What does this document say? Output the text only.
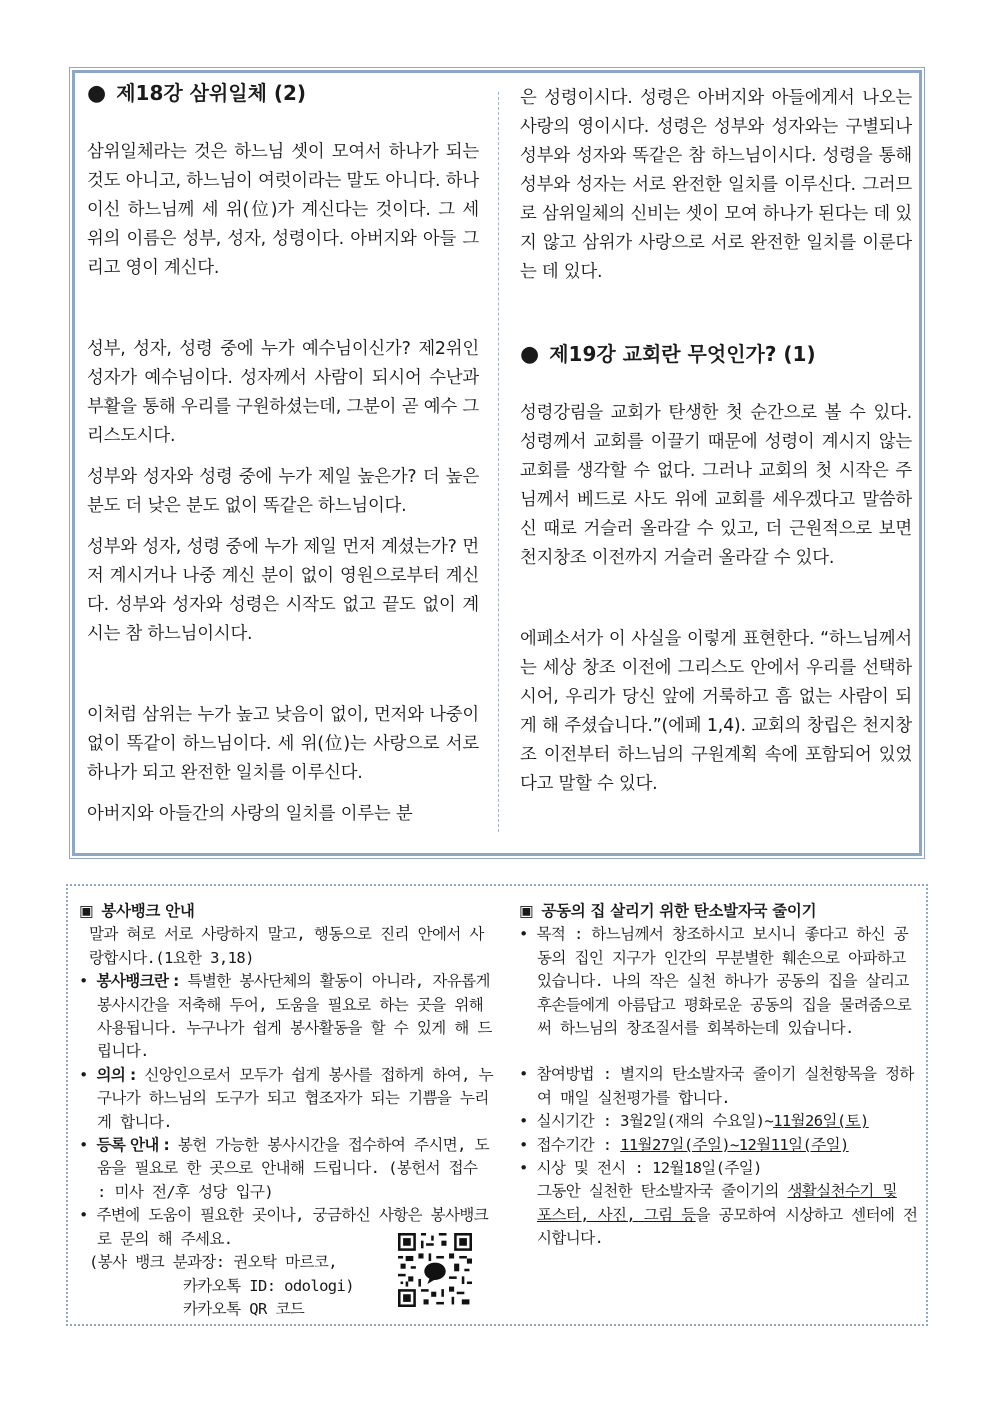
● 제18강 삼위일체 (2)

삼위일체라는 것은 하느님 셋이 모여서 하나가 되는 것도 아니고, 하느님이 여럿이라는 말도 아니다. 하나이신 하느님께 세 위(位)가 계신다는 것이다. 그 세 위의 이름은 성부, 성자, 성령이다. 아버지와 아들 그리고 영이 계신다.

성부, 성자, 성령 중에 누가 예수님이신가? 제2위인 성자가 예수님이다. 성자께서 사람이 되시어 수난과 부활을 통해 우리를 구원하셨는데, 그분이 곧 예수 그리스도시다.

성부와 성자와 성령 중에 누가 제일 높은가? 더 높은 분도 더 낮은 분도 없이 똑같은 하느님이다.

성부와 성자, 성령 중에 누가 제일 먼저 계셨는가? 먼저 계시거나 나중 계신 분이 없이 영원으로부터 계신다. 성부와 성자와 성령은 시작도 없고 끝도 없이 계시는 참 하느님이시다.

이처럼 삼위는 누가 높고 낮음이 없이, 먼저와 나중이 없이 똑같이 하느님이다. 세 위(位)는 사랑으로 서로 하나가 되고 완전한 일치를 이루신다.

아버지와 아들간의 사랑의 일치를 이루는 분

은 성령이시다. 성령은 아버지와 아들에게서 나오는 사랑의 영이시다. 성령은 성부와 성자와는 구별되나 성부와 성자와 똑같은 참 하느님이시다. 성령을 통해 성부와 성자는 서로 완전한 일치를 이루신다. 그러므로 삼위일체의 신비는 셋이 모여 하나가 된다는 데 있지 않고 삼위가 사랑으로 서로 완전한 일치를 이룬다는 데 있다.

● 제19강 교회란 무엇인가? (1)

성령강림을 교회가 탄생한 첫 순간으로 볼 수 있다. 성령께서 교회를 이끌기 때문에 성령이 계시지 않는 교회를 생각할 수 없다. 그러나 교회의 첫 시작은 주님께서 베드로 사도 위에 교회를 세우겠다고 말씀하신 때로 거슬러 올라갈 수 있고, 더 근원적으로 보면 천지창조 이전까지 거슬러 올라갈 수 있다.

에페소서가 이 사실을 이렇게 표현한다. “하느님께서는 세상 창조 이전에 그리스도 안에서 우리를 선택하시어, 우리가 당신 앞에 거룩하고 흠 없는 사람이 되게 해 주셨습니다.”(에페 1,4). 교회의 창립은 천지창조 이전부터 하느님의 구원계획 속에 포함되어 있었다고 말할 수 있다.

▣ 봉사뱅크 안내

말과 혀로 서로 사랑하지 말고, 행동으로 진리 안에서 사랑합시다.(1요한 3,18)

• 봉사뱅크란 : 특별한 봉사단체의 활동이 아니라, 자유롭게 봉사시간을 저축해 두어, 도움을 필요로 하는 곳을 위해 사용됩니다. 누구나가 쉽게 봉사활동을 할 수 있게 해 드립니다.

• 의의 : 신앙인으로서 모두가 쉽게 봉사를 접하게 하여, 누구나가 하느님의 도구가 되고 협조자가 되는 기쁨을 누리게 합니다.

• 등록 안내 : 봉헌 가능한 봉사시간을 접수하여 주시면, 도움을 필요로 한 곳으로 안내해 드립니다. (봉헌서 접수 : 미사 전/후 성당 입구)

• 주변에 도움이 필요한 곳이나, 궁금하신 사항은 봉사뱅크로 문의 해 주세요.

(봉사 뱅크 분과장: 권오탁 마르코,

카카오톡 ID: odologi)

카카오톡 QR 코드

▣ 공동의 집 살리기 위한 탄소발자국 줄이기

• 목적 : 하느님께서 창조하시고 보시니 좋다고 하신 공동의 집인 지구가 인간의 무분별한 훼손으로 아파하고 있습니다. 나의 작은 실천 하나가 공동의 집을 살리고 후손들에게 아름답고 평화로운 공동의 집을 물려줌으로써 하느님의 창조질서를 회복하는데 있습니다.

• 참여방법 : 별지의 탄소발자국 줄이기 실천항목을 정하여 매일 실천평가를 합니다.

• 실시기간 : 3월2일(재의 수요일)~11월26일(토)

• 접수기간 : 11월27일(주일)~12월11일(주일)

• 시상 및 전시 : 12월18일(주일)

그동안 실천한 탄소발자국 줄이기의 생활실천수기 및 포스터, 사진, 그림 등을 공모하여 시상하고 센터에 전시합니다.
